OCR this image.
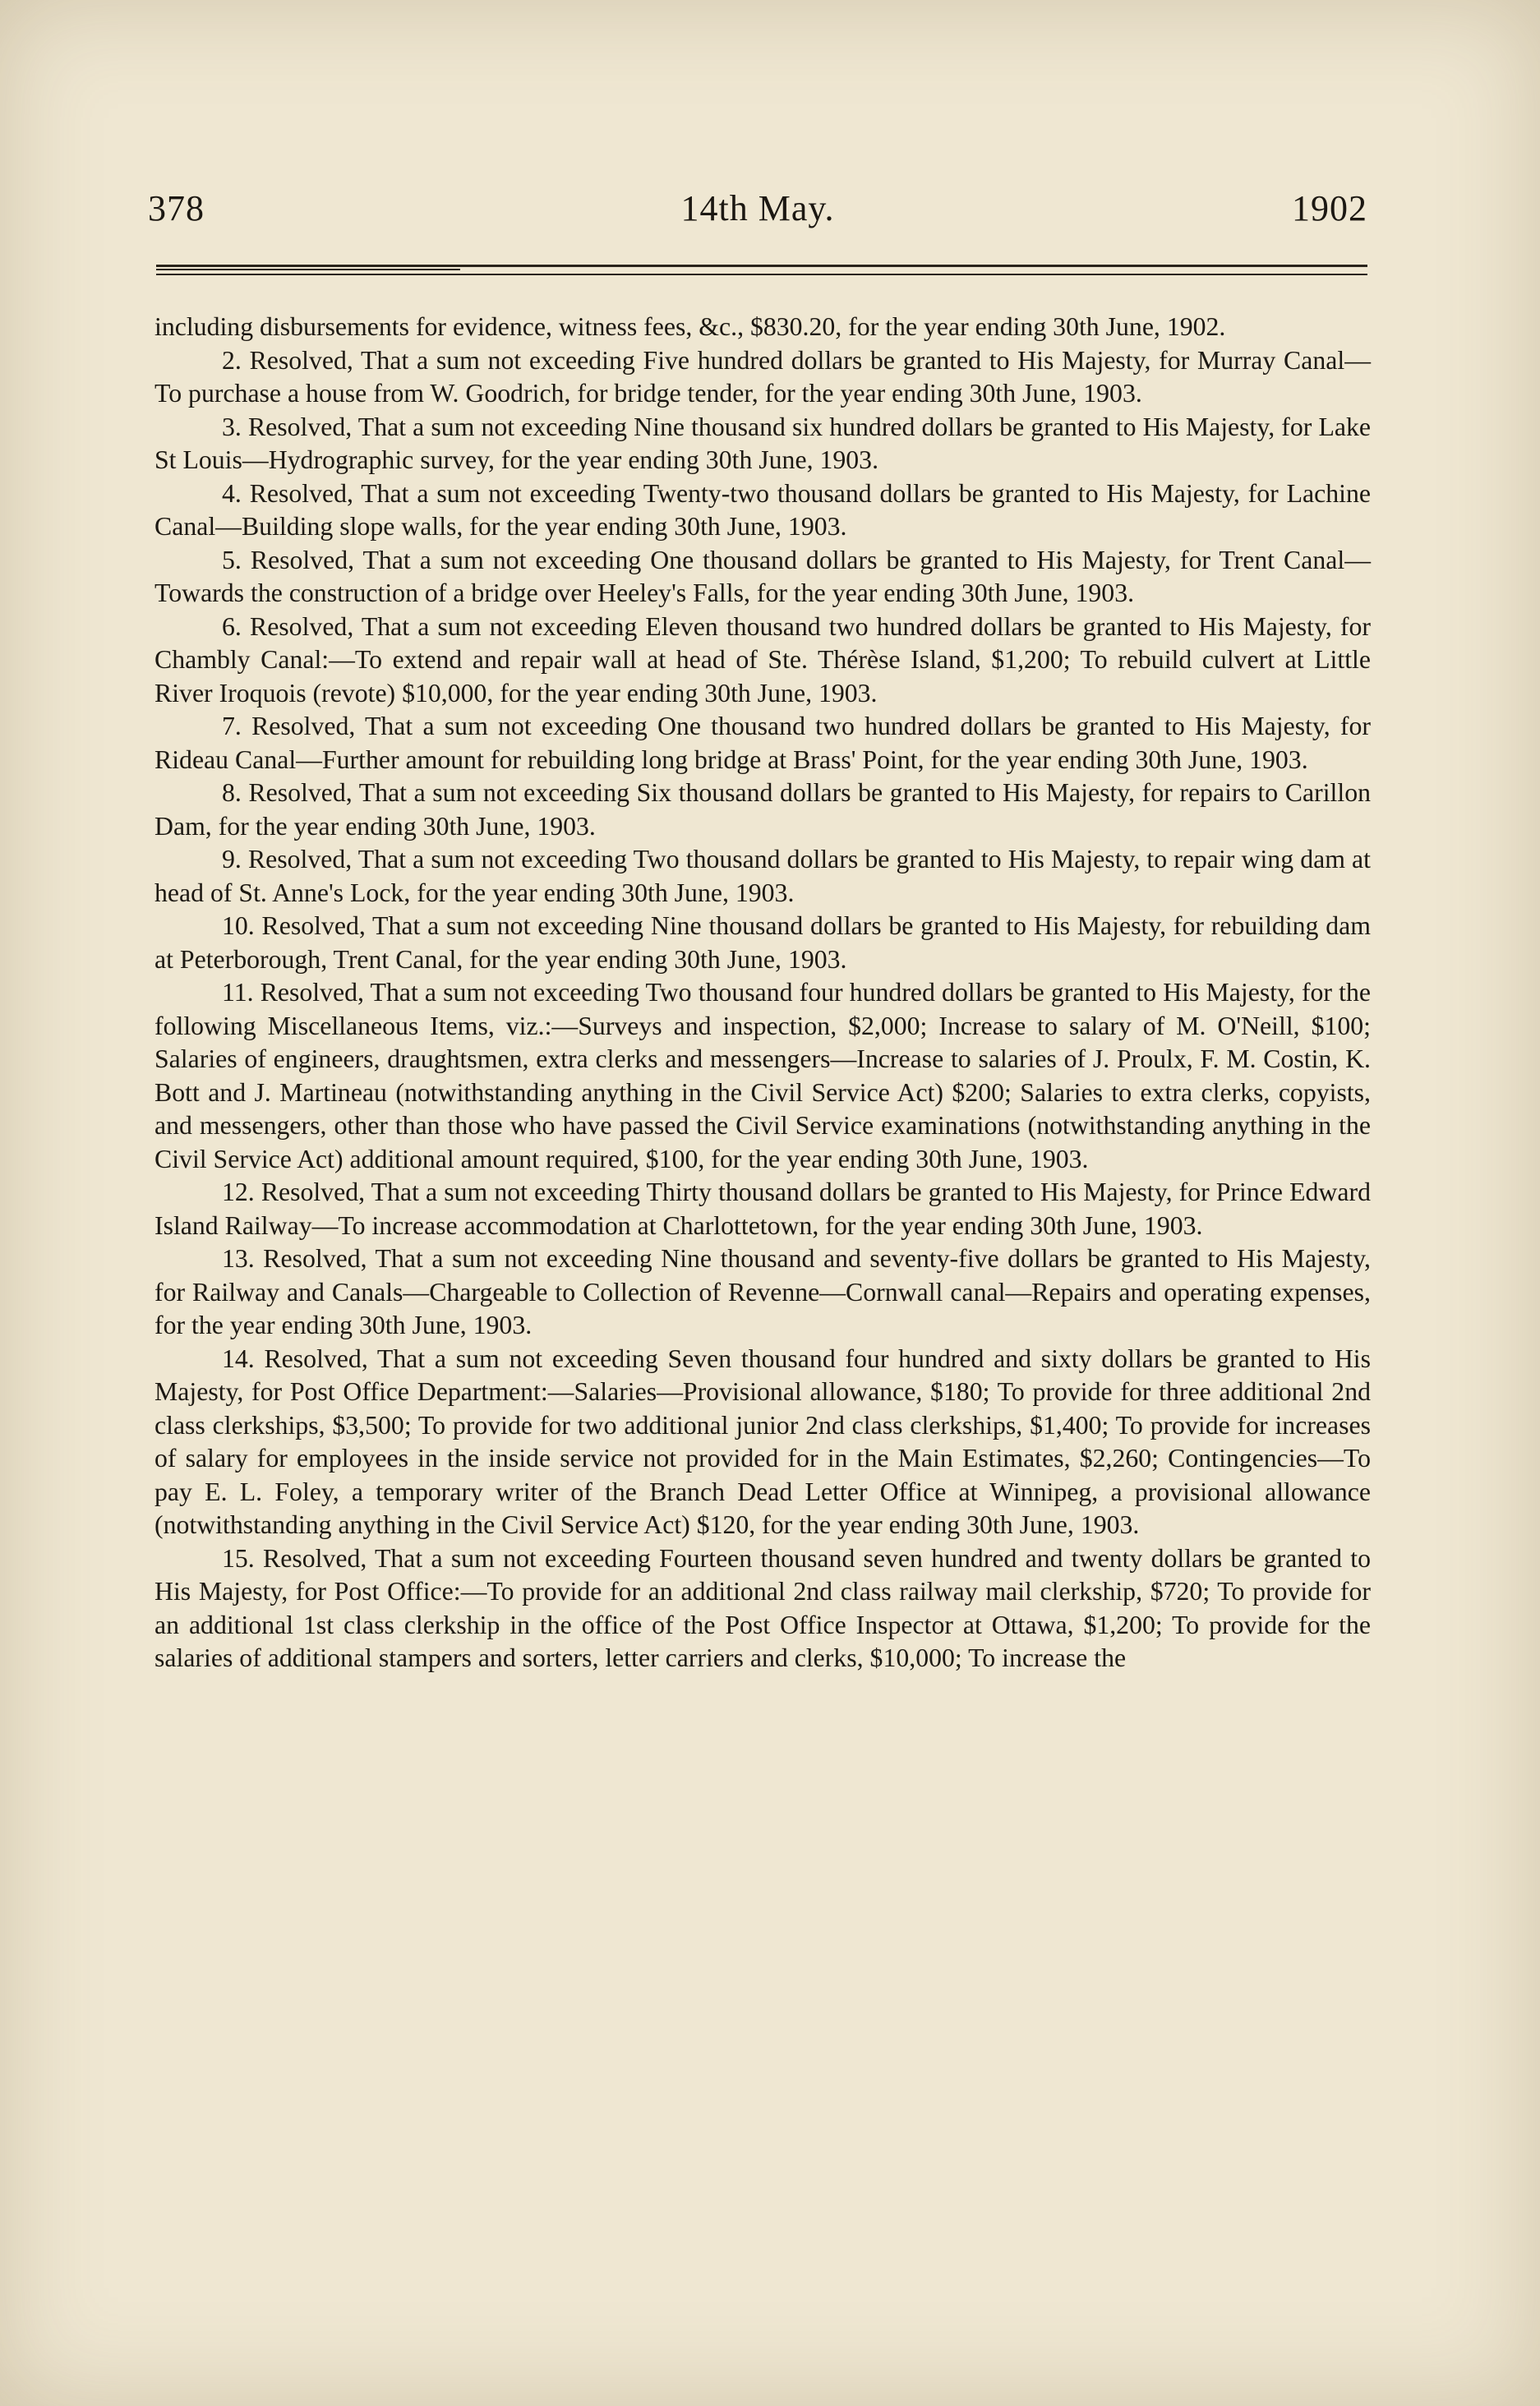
378	14th May.	1902

including disbursements for evidence, witness fees, &c., $830.20, for the year ending 30th June, 1902.

2. Resolved, That a sum not exceeding Five hundred dollars be granted to His Majesty, for Murray Canal—To purchase a house from W. Goodrich, for bridge tender, for the year ending 30th June, 1903.

3. Resolved, That a sum not exceeding Nine thousand six hundred dollars be granted to His Majesty, for Lake St Louis—Hydrographic survey, for the year ending 30th June, 1903.

4. Resolved, That a sum not exceeding Twenty-two thousand dollars be granted to His Majesty, for Lachine Canal—Building slope walls, for the year ending 30th June, 1903.

5. Resolved, That a sum not exceeding One thousand dollars be granted to His Majesty, for Trent Canal—Towards the construction of a bridge over Heeley's Falls, for the year ending 30th June, 1903.

6. Resolved, That a sum not exceeding Eleven thousand two hundred dollars be granted to His Majesty, for Chambly Canal:—To extend and repair wall at head of Ste. Thérèse Island, $1,200; To rebuild culvert at Little River Iroquois (revote) $10,000, for the year ending 30th June, 1903.

7. Resolved, That a sum not exceeding One thousand two hundred dollars be granted to His Majesty, for Rideau Canal—Further amount for rebuilding long bridge at Brass' Point, for the year ending 30th June, 1903.

8. Resolved, That a sum not exceeding Six thousand dollars be granted to His Majesty, for repairs to Carillon Dam, for the year ending 30th June, 1903.

9. Resolved, That a sum not exceeding Two thousand dollars be granted to His Majesty, to repair wing dam at head of St. Anne's Lock, for the year ending 30th June, 1903.

10. Resolved, That a sum not exceeding Nine thousand dollars be granted to His Majesty, for rebuilding dam at Peterborough, Trent Canal, for the year ending 30th June, 1903.

11. Resolved, That a sum not exceeding Two thousand four hundred dollars be granted to His Majesty, for the following Miscellaneous Items, viz.:—Surveys and inspection, $2,000; Increase to salary of M. O'Neill, $100; Salaries of engineers, draughtsmen, extra clerks and messengers—Increase to salaries of J. Proulx, F. M. Costin, K. Bott and J. Martineau (notwithstanding anything in the Civil Service Act) $200; Salaries to extra clerks, copyists, and messengers, other than those who have passed the Civil Service examinations (notwithstanding anything in the Civil Service Act) additional amount required, $100, for the year ending 30th June, 1903.

12. Resolved, That a sum not exceeding Thirty thousand dollars be granted to His Majesty, for Prince Edward Island Railway—To increase accommodation at Charlottetown, for the year ending 30th June, 1903.

13. Resolved, That a sum not exceeding Nine thousand and seventy-five dollars be granted to His Majesty, for Railway and Canals—Chargeable to Collection of Revenne—Cornwall canal—Repairs and operating expenses, for the year ending 30th June, 1903.

14. Resolved, That a sum not exceeding Seven thousand four hundred and sixty dollars be granted to His Majesty, for Post Office Department:—Salaries—Provisional allowance, $180; To provide for three additional 2nd class clerkships, $3,500; To provide for two additional junior 2nd class clerkships, $1,400; To provide for increases of salary for employees in the inside service not provided for in the Main Estimates, $2,260; Contingencies—To pay E. L. Foley, a temporary writer of the Branch Dead Letter Office at Winnipeg, a provisional allowance (notwithstanding anything in the Civil Service Act) $120, for the year ending 30th June, 1903.

15. Resolved, That a sum not exceeding Fourteen thousand seven hundred and twenty dollars be granted to His Majesty, for Post Office:—To provide for an additional 2nd class railway mail clerkship, $720; To provide for an additional 1st class clerkship in the office of the Post Office Inspector at Ottawa, $1,200; To provide for the salaries of additional stampers and sorters, letter carriers and clerks, $10,000; To increase the
